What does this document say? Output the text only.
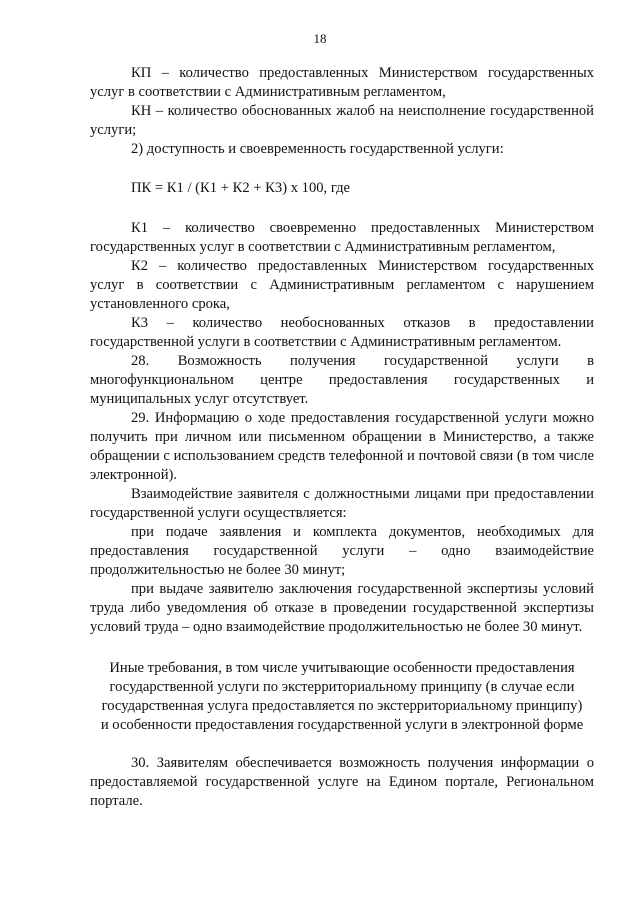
18

КП – количество предоставленных Министерством государственных услуг в соответствии с Административным регламентом,

КН – количество обоснованных жалоб на неисполнение государственной услуги;

2) доступность и своевременность государственной услуги:

ПК = К1 / (К1 + К2 + К3) x 100, где

К1 – количество своевременно предоставленных Министерством государственных услуг в соответствии с Административным регламентом,

К2 – количество предоставленных Министерством государственных услуг в соответствии с Административным регламентом с нарушением установленного срока,

К3 – количество необоснованных отказов в предоставлении государственной услуги в соответствии с Административным регламентом.

28. Возможность получения государственной услуги в многофункциональном центре предоставления государственных и муниципальных услуг отсутствует.

29. Информацию о ходе предоставления государственной услуги можно получить при личном или письменном обращении в Министерство, а также обращении с использованием средств телефонной и почтовой связи (в том числе электронной).

Взаимодействие заявителя с должностными лицами при предоставлении государственной услуги осуществляется:

при подаче заявления и комплекта документов, необходимых для предоставления государственной услуги – одно взаимодействие продолжительностью не более 30 минут;

при выдаче заявителю заключения государственной экспертизы условий труда либо уведомления об отказе в проведении государственной экспертизы условий труда – одно взаимодействие продолжительностью не более 30 минут.

Иные требования, в том числе учитывающие особенности предоставления
государственной услуги по экстерриториальному принципу (в случае если
государственная услуга предоставляется по экстерриториальному принципу)
и особенности предоставления государственной услуги в электронной форме

30. Заявителям обеспечивается возможность получения информации о предоставляемой государственной услуге на Едином портале, Региональном портале.
